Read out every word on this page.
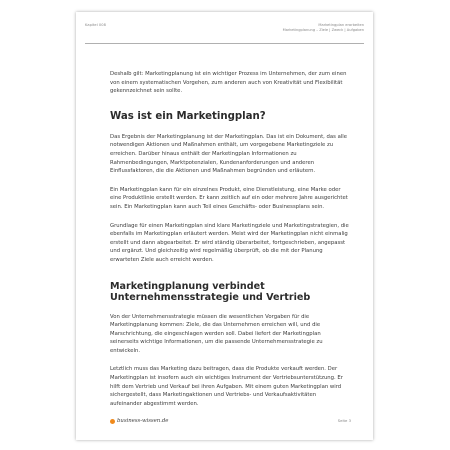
Kapitel 008	Marketingplan erarbeiten
Marketingplanung – Ziele | Zweck | Aufgaben

Deshalb gilt: Marketingplanung ist ein wichtiger Prozess im Unternehmen, der zum einen von einem systematischen Vorgehen, zum anderen auch von Kreativität und Flexibilität gekennzeichnet sein sollte.

Was ist ein Marketingplan?

Das Ergebnis der Marketingplanung ist der Marketingplan. Das ist ein Dokument, das alle notwendigen Aktionen und Maßnahmen enthält, um vorgegebene Marketingziele zu erreichen. Darüber hinaus enthält der Marketingplan Informationen zu Rahmenbedingungen, Marktpotenzialen, Kundenanforderungen und anderen Einflussfaktoren, die die Aktionen und Maßnahmen begründen und erläutern.

Ein Marketingplan kann für ein einzelnes Produkt, eine Dienstleistung, eine Marke oder eine Produktlinie erstellt werden. Er kann zeitlich auf ein oder mehrere Jahre ausgerichtet sein. Ein Marketingplan kann auch Teil eines Geschäfts- oder Businessplans sein.

Grundlage für einen Marketingplan sind klare Marketingziele und Marketingstrategien, die ebenfalls im Marketingplan erläutert werden. Meist wird der Marketingplan nicht einmalig erstellt und dann abgearbeitet. Er wird ständig überarbeitet, fortgeschrieben, angepasst und ergänzt. Und gleichzeitig wird regelmäßig überprüft, ob die mit der Planung erwarteten Ziele auch erreicht werden.

Marketingplanung verbindet
Unternehmensstrategie und Vertrieb

Von der Unternehmensstrategie müssen die wesentlichen Vorgaben für die Marketingplanung kommen: Ziele, die das Unternehmen erreichen will, und die Marschrichtung, die eingeschlagen werden soll. Dabei liefert der Marketingplan seinerseits wichtige Informationen, um die passende Unternehmensstrategie zu entwickeln.

Letztlich muss das Marketing dazu beitragen, dass die Produkte verkauft werden. Der Marketingplan ist insofern auch ein wichtiges Instrument der Vertriebsunterstützung. Er hilft dem Vertrieb und Verkauf bei ihren Aufgaben. Mit einem guten Marketingplan wird sichergestellt, dass Marketingaktionen und Vertriebs- und Verkaufsaktivitäten aufeinander abgestimmt werden.

business-wissen.de	Seite 3
